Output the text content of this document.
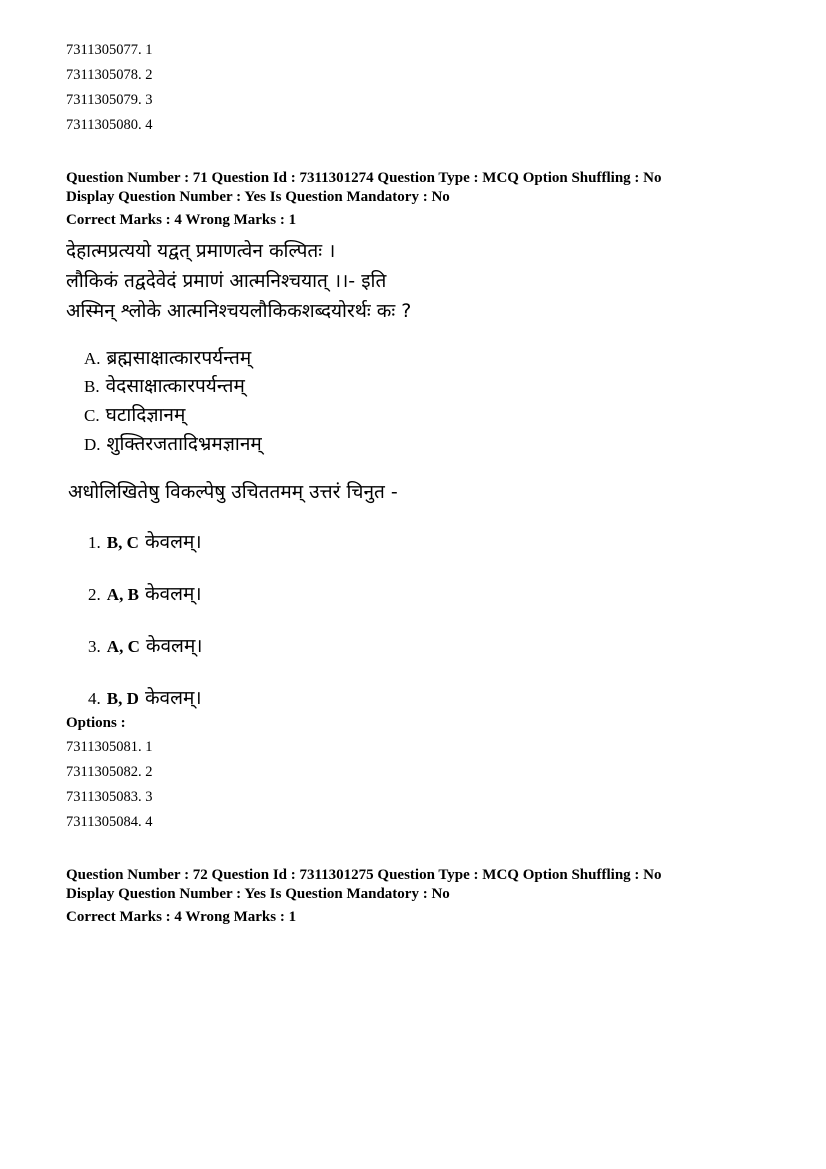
7311305077. 1
7311305078. 2
7311305079. 3
7311305080. 4
Question Number : 71 Question Id : 7311301274 Question Type : MCQ Option Shuffling : No
Display Question Number : Yes Is Question Mandatory : No
Correct Marks : 4 Wrong Marks : 1
देहात्मप्रत्ययो यद्वत् प्रमाणत्वेन कल्पितः ।
लौकिकं तद्वदेवेदं प्रमाणं आत्मनिश्चयात् ।।- इति
अस्मिन् श्लोके आत्मनिश्चयलौकिकशब्दयोरर्थः कः ?
A. ब्रह्मसाक्षात्कारपर्यन्तम्
B. वेदसाक्षात्कारपर्यन्तम्
C. घटादिज्ञानम्
D. शुक्तिरजतादिभ्रमज्ञानम्
अधोलिखितेषु विकल्पेषु उचिततमम् उत्तरं चिनुत -
1. B, C केवलम्।
2. A, B केवलम्।
3. A, C केवलम्।
4. B, D केवलम्।
Options :
7311305081. 1
7311305082. 2
7311305083. 3
7311305084. 4
Question Number : 72 Question Id : 7311301275 Question Type : MCQ Option Shuffling : No
Display Question Number : Yes Is Question Mandatory : No
Correct Marks : 4 Wrong Marks : 1
